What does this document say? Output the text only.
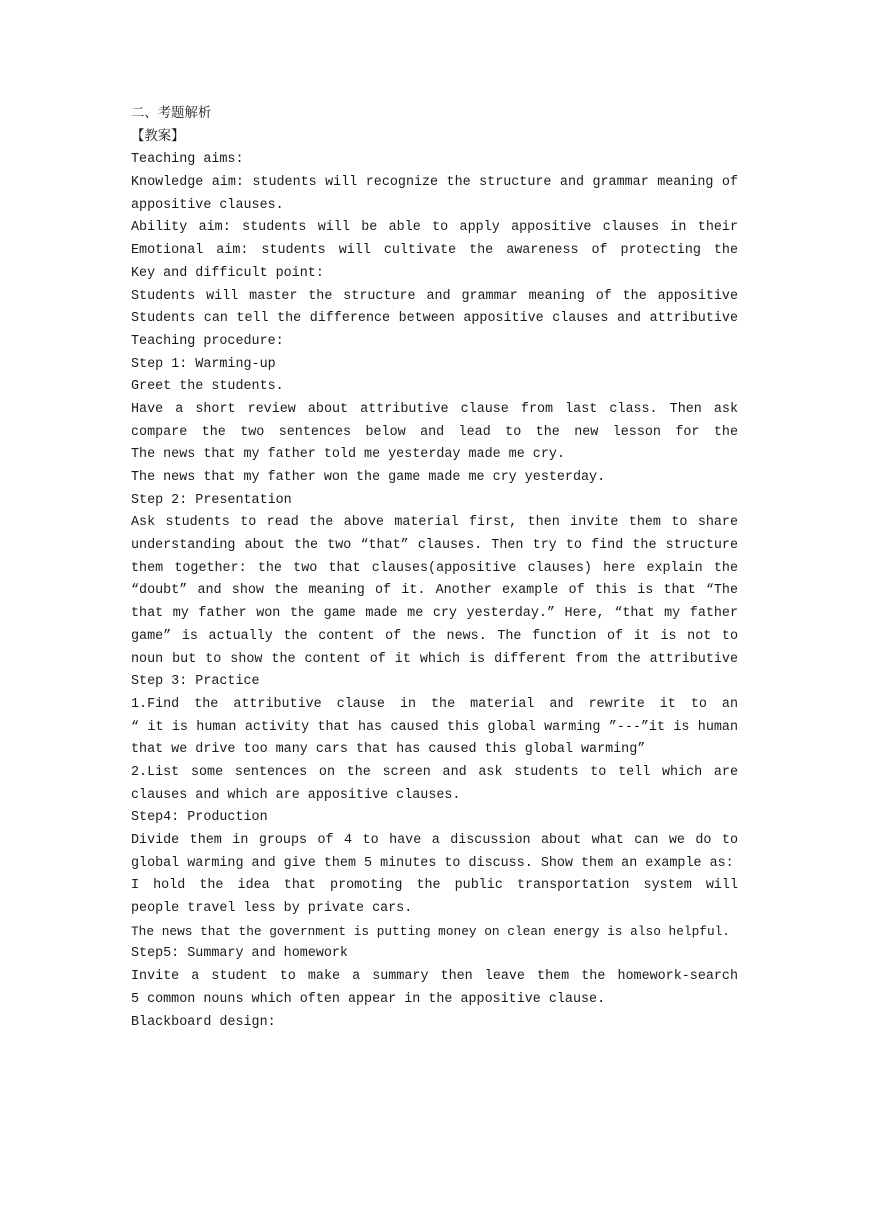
二、考题解析
【教案】
Teaching aims:
Knowledge aim: students will recognize the structure and grammar meaning of
appositive clauses.
Ability aim: students will be able to apply appositive clauses in their
Emotional aim: students will cultivate the awareness of protecting the
Key and difficult point:
Students will master the structure and grammar meaning of the appositive
Students can tell the difference between appositive clauses and attributive
Teaching procedure:
Step 1: Warming-up
Greet the students.
Have a short review about attributive clause from last class. Then ask
compare the two sentences below and lead to the new lesson for the
The news that my father told me yesterday made me cry.
The news that my father won the game made me cry yesterday.
Step 2: Presentation
Ask students to read the above material first, then invite them to share
understanding about the two “that” clauses. Then try to find the structure
them together: the two that clauses(appositive clauses) here explain the
“doubt” and show the meaning of it. Another example of this is that “The
that my father won the game made me cry yesterday.” Here, “that my father
game” is actually the content of the news. The function of it is not to
noun but to show the content of it which is different from the attributive
Step 3: Practice
1.Find the attributive clause in the material and rewrite it to an
“ it is human activity that has caused this global warming ”---”it is human
that we drive too many cars that has caused this global warming”
2.List some sentences on the screen and ask students to tell which are
clauses and which are appositive clauses.
Step4: Production
Divide them in groups of 4 to have a discussion about what can we do to
global warming and give them 5 minutes to discuss. Show them an example as:
I hold the idea that promoting the public transportation system will
people travel less by private cars.
The news that the government is putting money on clean energy is also helpful.
Step5: Summary and homework
Invite a student to make a summary then leave them the homework-search
5 common nouns which often appear in the appositive clause.
Blackboard design:
